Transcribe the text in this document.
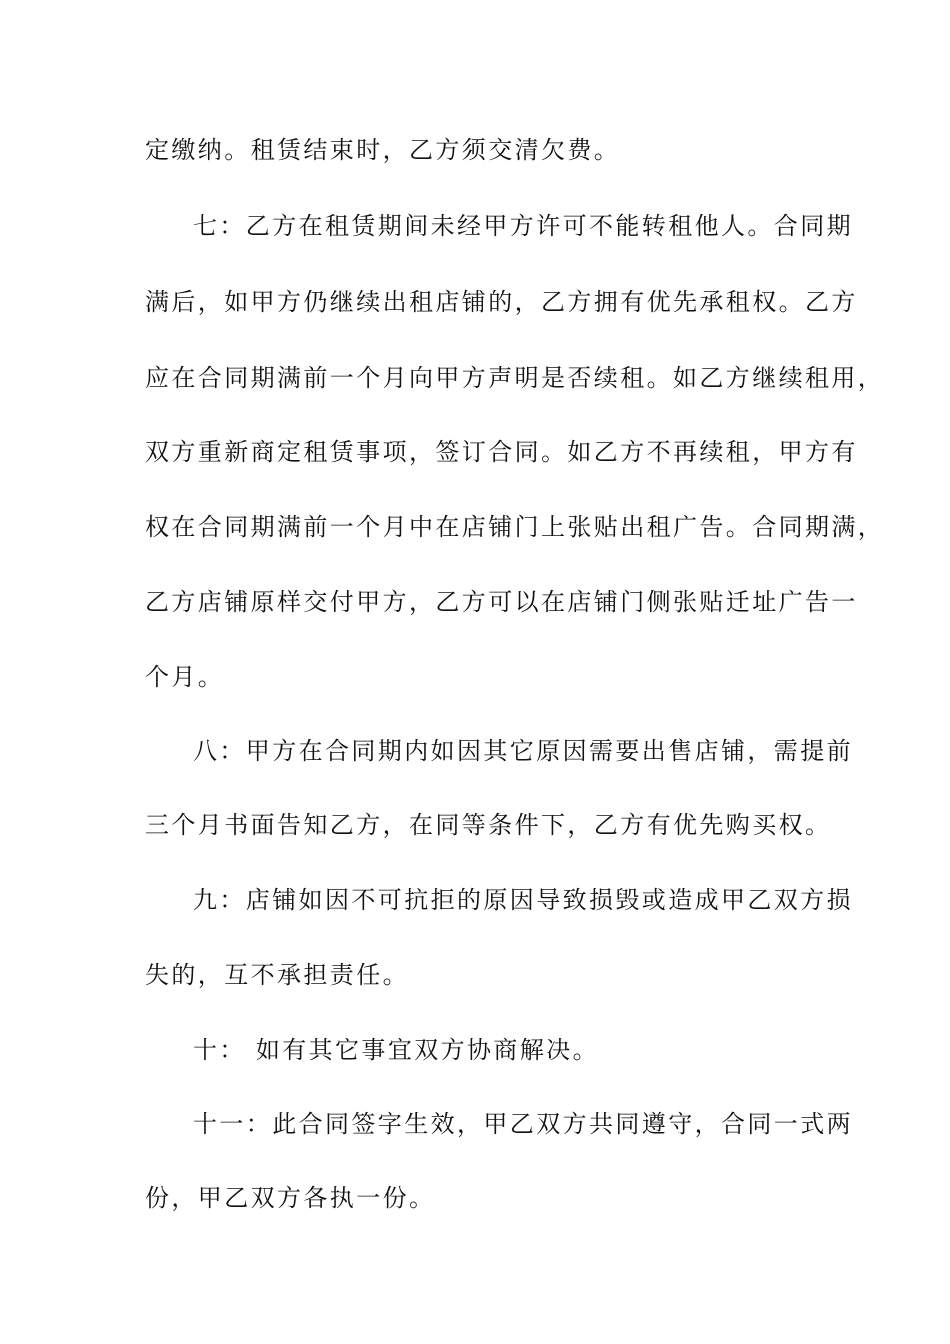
定缴纳。租赁结束时，乙方须交清欠费。
七：乙方在租赁期间未经甲方许可不能转租他人。合同期
满后，如甲方仍继续出租店铺的，乙方拥有优先承租权。乙方
应在合同期满前一个月向甲方声明是否续租。如乙方继续租用，
双方重新商定租赁事项，签订合同。如乙方不再续租，甲方有
权在合同期满前一个月中在店铺门上张贴出租广告。合同期满，
乙方店铺原样交付甲方，乙方可以在店铺门侧张贴迁址广告一
个月。
八：甲方在合同期内如因其它原因需要出售店铺，需提前
三个月书面告知乙方，在同等条件下，乙方有优先购买权。
九：店铺如因不可抗拒的原因导致损毁或造成甲乙双方损
失的，互不承担责任。
十： 如有其它事宜双方协商解决。
十一：此合同签字生效，甲乙双方共同遵守，合同一式两
份，甲乙双方各执一份。
